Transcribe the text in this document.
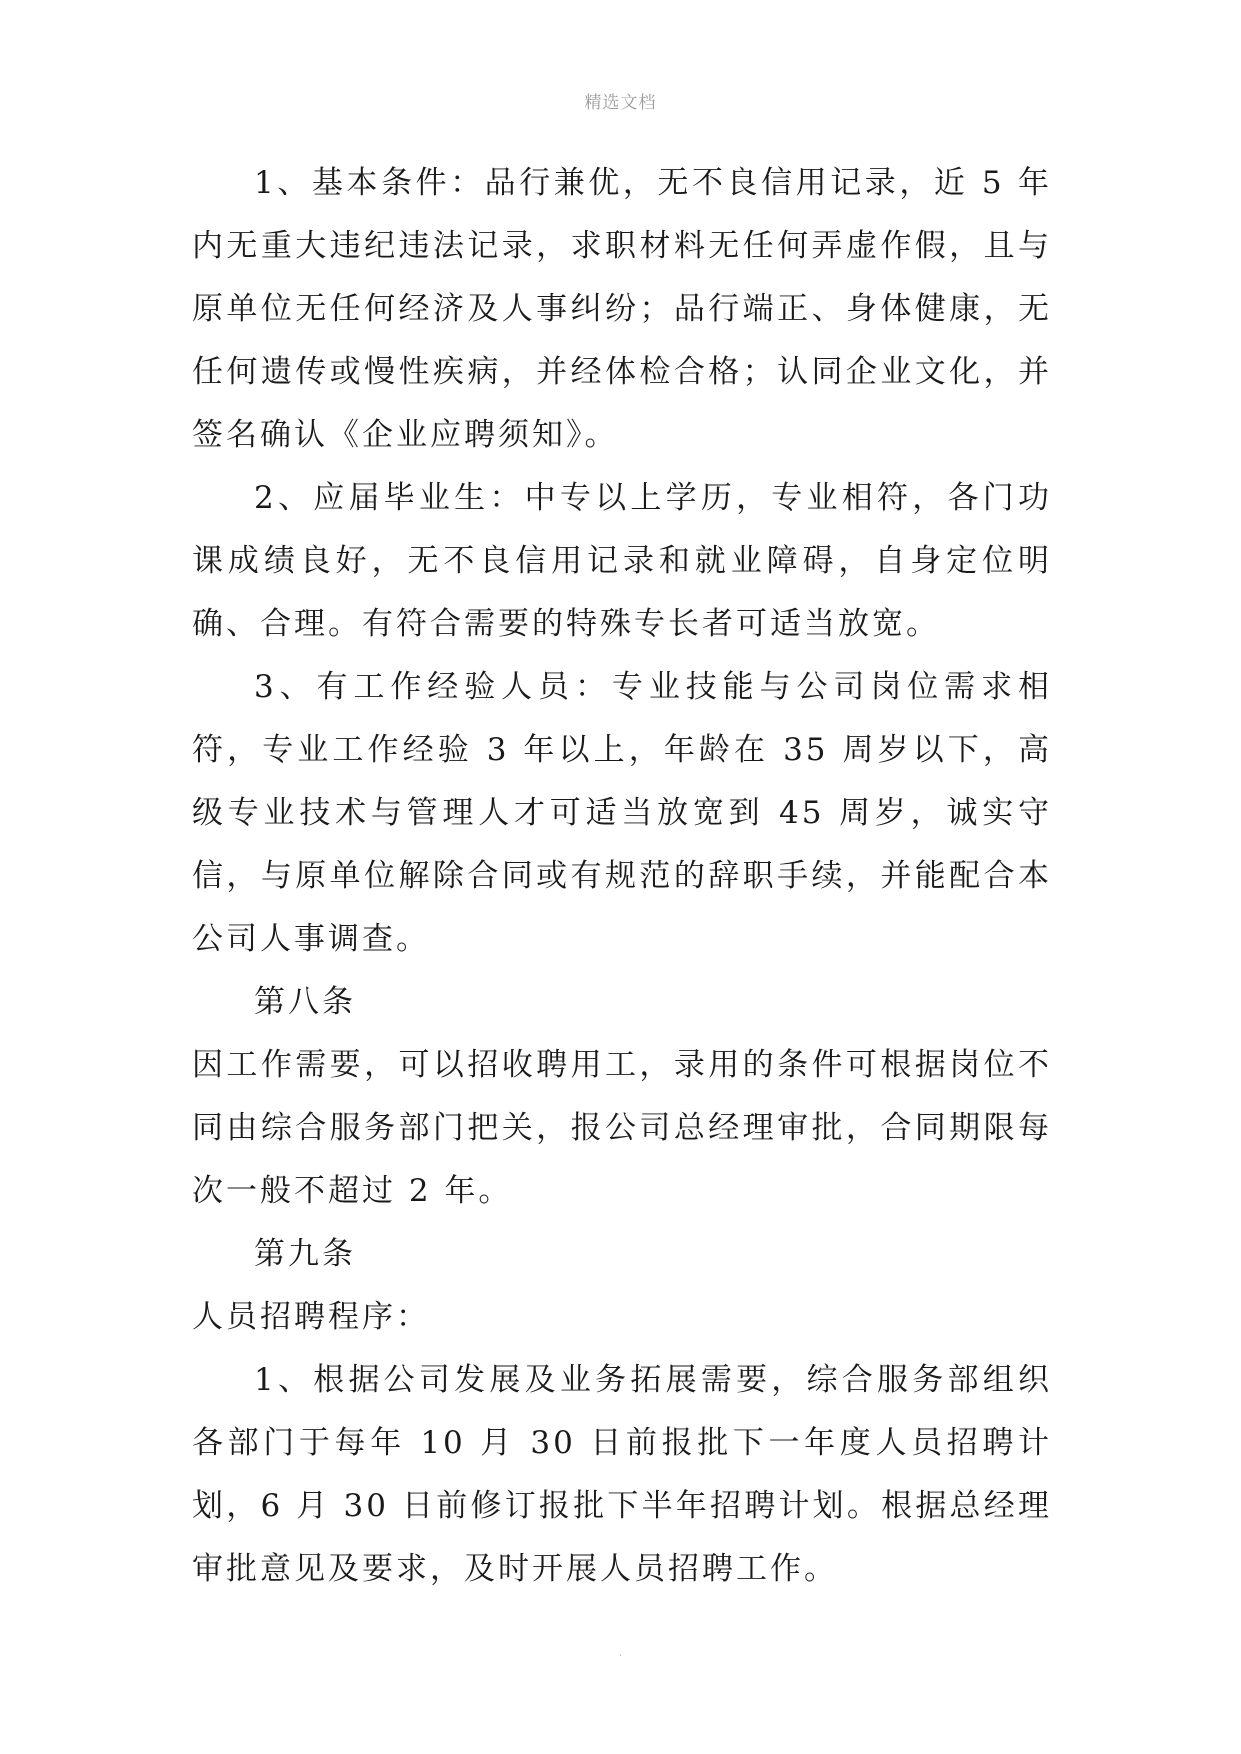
精选文档

1、基本条件：品行兼优，无不良信用记录，近 5 年内无重大违纪违法记录，求职材料无任何弄虚作假，且与原单位无任何经济及人事纠纷；品行端正、身体健康，无任何遗传或慢性疾病，并经体检合格；认同企业文化，并签名确认《企业应聘须知》。

2、应届毕业生：中专以上学历，专业相符，各门功课成绩良好，无不良信用记录和就业障碍，自身定位明确、合理。有符合需要的特殊专长者可适当放宽。

3、有工作经验人员：专业技能与公司岗位需求相符，专业工作经验 3 年以上，年龄在 35 周岁以下，高级专业技术与管理人才可适当放宽到 45 周岁，诚实守信，与原单位解除合同或有规范的辞职手续，并能配合本公司人事调查。

第八条

因工作需要，可以招收聘用工，录用的条件可根据岗位不同由综合服务部门把关，报公司总经理审批，合同期限每次一般不超过 2 年。

第九条

人员招聘程序：

1、根据公司发展及业务拓展需要，综合服务部组织各部门于每年 10 月 30 日前报批下一年度人员招聘计划，6 月 30 日前修订报批下半年招聘计划。根据总经理审批意见及要求，及时开展人员招聘工作。

.
